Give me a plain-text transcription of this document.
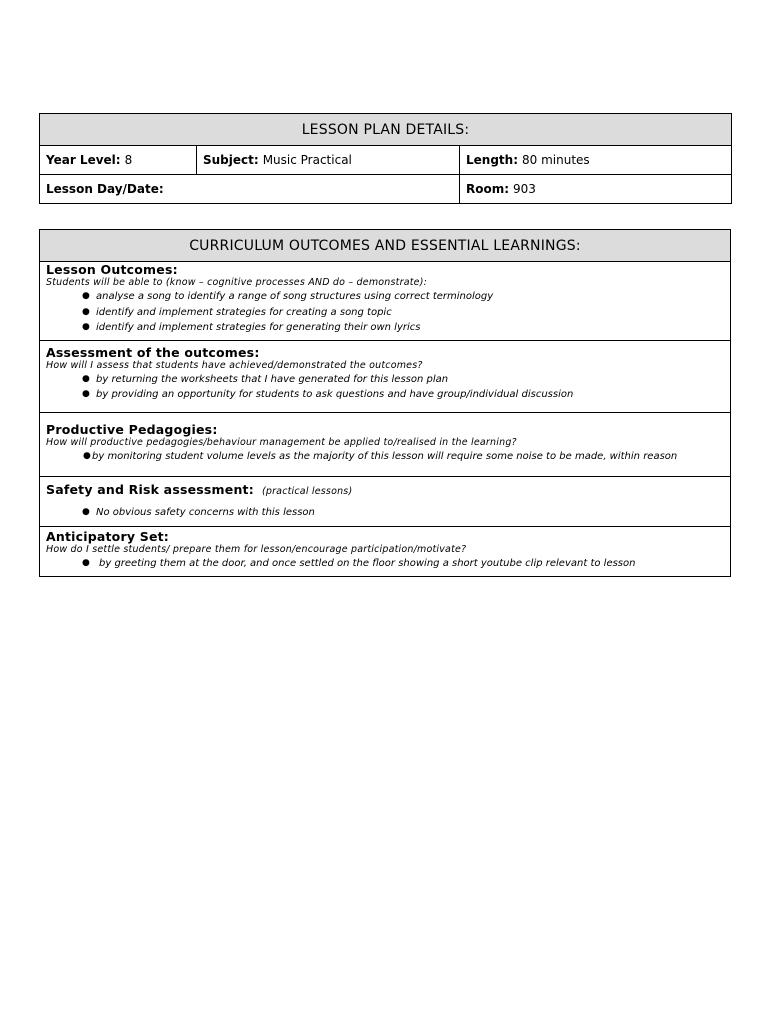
LESSON PLAN DETAILS:		
Year Level: 8	Subject: Music Practical	Length: 80 minutes
Lesson Day/Date:		Room: 903
CURRICULUM OUTCOMES AND ESSENTIAL LEARNINGS:

Lesson Outcomes:
Students will be able to (know – cognitive processes AND do – demonstrate):
● analyse a song to identify a range of song structures using correct terminology
● identify and implement strategies for creating a song topic
● identify and implement strategies for generating their own lyrics

Assessment of the outcomes:
How will I assess that students have achieved/demonstrated the outcomes?
● by returning the worksheets that I have generated for this lesson plan
● by providing an opportunity for students to ask questions and have group/individual discussion

Productive Pedagogies:
How will productive pedagogies/behaviour management be applied to/realised in the learning?
● by monitoring student volume levels as the majority of this lesson will require some noise to be made, within reason

Safety and Risk assessment: (practical lessons)
● No obvious safety concerns with this lesson

Anticipatory Set:
How do I settle students/ prepare them for lesson/encourage participation/motivate?
● by greeting them at the door, and once settled on the floor showing a short youtube clip relevant to lesson
